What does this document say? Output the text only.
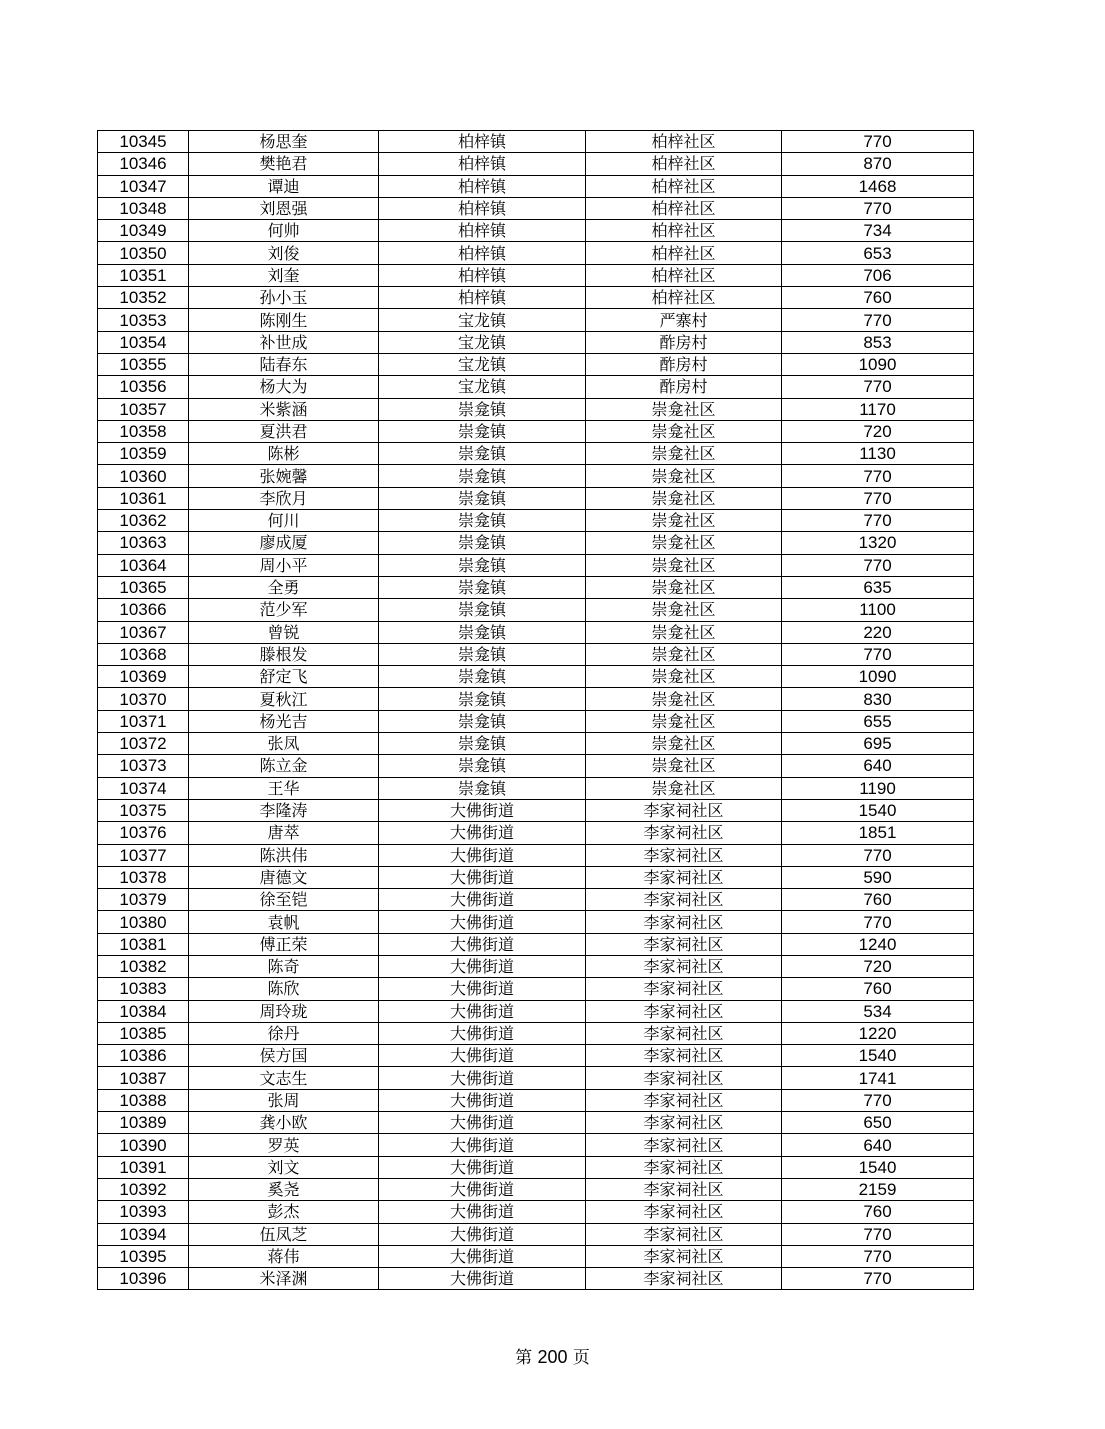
10345	杨思奎	柏梓镇	柏梓社区	770
10346	樊艳君	柏梓镇	柏梓社区	870
10347	谭迪	柏梓镇	柏梓社区	1468
10348	刘恩强	柏梓镇	柏梓社区	770
10349	何帅	柏梓镇	柏梓社区	734
10350	刘俊	柏梓镇	柏梓社区	653
10351	刘奎	柏梓镇	柏梓社区	706
10352	孙小玉	柏梓镇	柏梓社区	760
10353	陈刚生	宝龙镇	严寨村	770
10354	补世成	宝龙镇	酢房村	853
10355	陆春东	宝龙镇	酢房村	1090
10356	杨大为	宝龙镇	酢房村	770
10357	米紫涵	崇龛镇	崇龛社区	1170
10358	夏洪君	崇龛镇	崇龛社区	720
10359	陈彬	崇龛镇	崇龛社区	1130
10360	张婉馨	崇龛镇	崇龛社区	770
10361	李欣月	崇龛镇	崇龛社区	770
10362	何川	崇龛镇	崇龛社区	770
10363	廖成厦	崇龛镇	崇龛社区	1320
10364	周小平	崇龛镇	崇龛社区	770
10365	全勇	崇龛镇	崇龛社区	635
10366	范少军	崇龛镇	崇龛社区	1100
10367	曾锐	崇龛镇	崇龛社区	220
10368	滕根发	崇龛镇	崇龛社区	770
10369	舒定飞	崇龛镇	崇龛社区	1090
10370	夏秋江	崇龛镇	崇龛社区	830
10371	杨光吉	崇龛镇	崇龛社区	655
10372	张凤	崇龛镇	崇龛社区	695
10373	陈立金	崇龛镇	崇龛社区	640
10374	王华	崇龛镇	崇龛社区	1190
10375	李隆涛	大佛街道	李家祠社区	1540
10376	唐萃	大佛街道	李家祠社区	1851
10377	陈洪伟	大佛街道	李家祠社区	770
10378	唐德文	大佛街道	李家祠社区	590
10379	徐至铠	大佛街道	李家祠社区	760
10380	袁帆	大佛街道	李家祠社区	770
10381	傅正荣	大佛街道	李家祠社区	1240
10382	陈奇	大佛街道	李家祠社区	720
10383	陈欣	大佛街道	李家祠社区	760
10384	周玲珑	大佛街道	李家祠社区	534
10385	徐丹	大佛街道	李家祠社区	1220
10386	侯方国	大佛街道	李家祠社区	1540
10387	文志生	大佛街道	李家祠社区	1741
10388	张周	大佛街道	李家祠社区	770
10389	龚小欧	大佛街道	李家祠社区	650
10390	罗英	大佛街道	李家祠社区	640
10391	刘文	大佛街道	李家祠社区	1540
10392	奚尧	大佛街道	李家祠社区	2159
10393	彭杰	大佛街道	李家祠社区	760
10394	伍凤芝	大佛街道	李家祠社区	770
10395	蒋伟	大佛街道	李家祠社区	770
10396	米泽渊	大佛街道	李家祠社区	770
第 200 页
